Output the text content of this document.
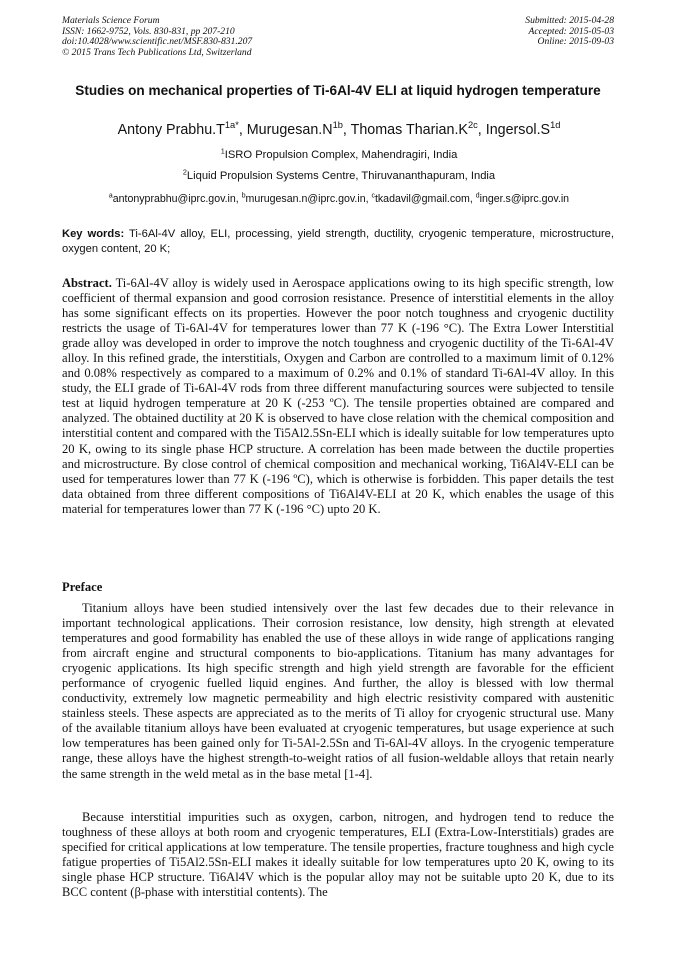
Materials Science Forum
ISSN: 1662-9752, Vols. 830-831, pp 207-210
doi:10.4028/www.scientific.net/MSF.830-831.207
© 2015 Trans Tech Publications Ltd, Switzerland
Submitted: 2015-04-28
Accepted: 2015-05-03
Online: 2015-09-03
Studies on mechanical properties of Ti-6Al-4V ELI at liquid hydrogen temperature
Antony $Prabhu.T^{1a*}$, $Murugesan.N^{1b}$, Thomas $Tharian.K^{2c}$, $Ingersol.S^{1d}$
$^1$ISRO Propulsion Complex, Mahendragiri, India
$^2$Liquid Propulsion Systems Centre, Thiruvananthapuram, India
$^a$antonyprabhu@iprc.gov.in, $^b$murugesan.n@iprc.gov.in, $^c$tkadavil@gmail.com, $^d$inger.s@iprc.gov.in
Key words: Ti-6Al-4V alloy, ELI, processing, yield strength, ductility, cryogenic temperature, microstructure, oxygen content, 20 K;
Abstract. Ti-6Al-4V alloy is widely used in Aerospace applications owing to its high specific strength, low coefficient of thermal expansion and good corrosion resistance. Presence of interstitial elements in the alloy has some significant effects on its properties. However the poor notch toughness and cryogenic ductility restricts the usage of Ti-6Al-4V for temperatures lower than 77 K (-196 °C). The Extra Lower Interstitial grade alloy was developed in order to improve the notch toughness and cryogenic ductility of the Ti-6Al-4V alloy. In this refined grade, the interstitials, Oxygen and Carbon are controlled to a maximum limit of 0.12% and 0.08% respectively as compared to a maximum of 0.2% and 0.1% of standard Ti-6Al-4V alloy. In this study, the ELI grade of Ti-6Al-4V rods from three different manufacturing sources were subjected to tensile test at liquid hydrogen temperature at 20 K (-253 ºC). The tensile properties obtained are compared and analyzed. The obtained ductility at 20 K is observed to have close relation with the chemical composition and interstitial content and compared with the Ti5Al2.5Sn-ELI which is ideally suitable for low temperatures upto 20 K, owing to its single phase HCP structure. A correlation has been made between the ductile properties and microstructure. By close control of chemical composition and mechanical working, Ti6Al4V-ELI can be used for temperatures lower than 77 K (-196 ºC), which is otherwise is forbidden. This paper details the test data obtained from three different compositions of Ti6Al4V-ELI at 20 K, which enables the usage of this material for temperatures lower than 77 K (-196 °C) upto 20 K.
Preface

Titanium alloys have been studied intensively over the last few decades due to their relevance in important technological applications. Their corrosion resistance, low density, high strength at elevated temperatures and good formability has enabled the use of these alloys in wide range of applications ranging from aircraft engine and structural components to bio-applications. Titanium has many advantages for cryogenic applications. Its high specific strength and high yield strength are favorable for the efficient performance of cryogenic fuelled liquid engines. And further, the alloy is blessed with low thermal conductivity, extremely low magnetic permeability and high electric resistivity compared with austenitic stainless steels. These aspects are appreciated as to the merits of Ti alloy for cryogenic structural use. Many of the available titanium alloys have been evaluated at cryogenic temperatures, but usage experience at such low temperatures has been gained only for Ti-5Al-2.5Sn and Ti-6Al-4V alloys. In the cryogenic temperature range, these alloys have the highest strength-to-weight ratios of all fusion-weldable alloys that retain nearly the same strength in the weld metal as in the base metal [1-4].

Because interstitial impurities such as oxygen, carbon, nitrogen, and hydrogen tend to reduce the toughness of these alloys at both room and cryogenic temperatures, ELI (Extra-Low-Interstitials) grades are specified for critical applications at low temperature. The tensile properties, fracture toughness and high cycle fatigue properties of Ti5Al2.5Sn-ELI makes it ideally suitable for low temperatures upto 20 K, owing to its single phase HCP structure. Ti6Al4V which is the popular alloy may not be suitable upto 20 K, due to its BCC content (β-phase with interstitial contents). The
